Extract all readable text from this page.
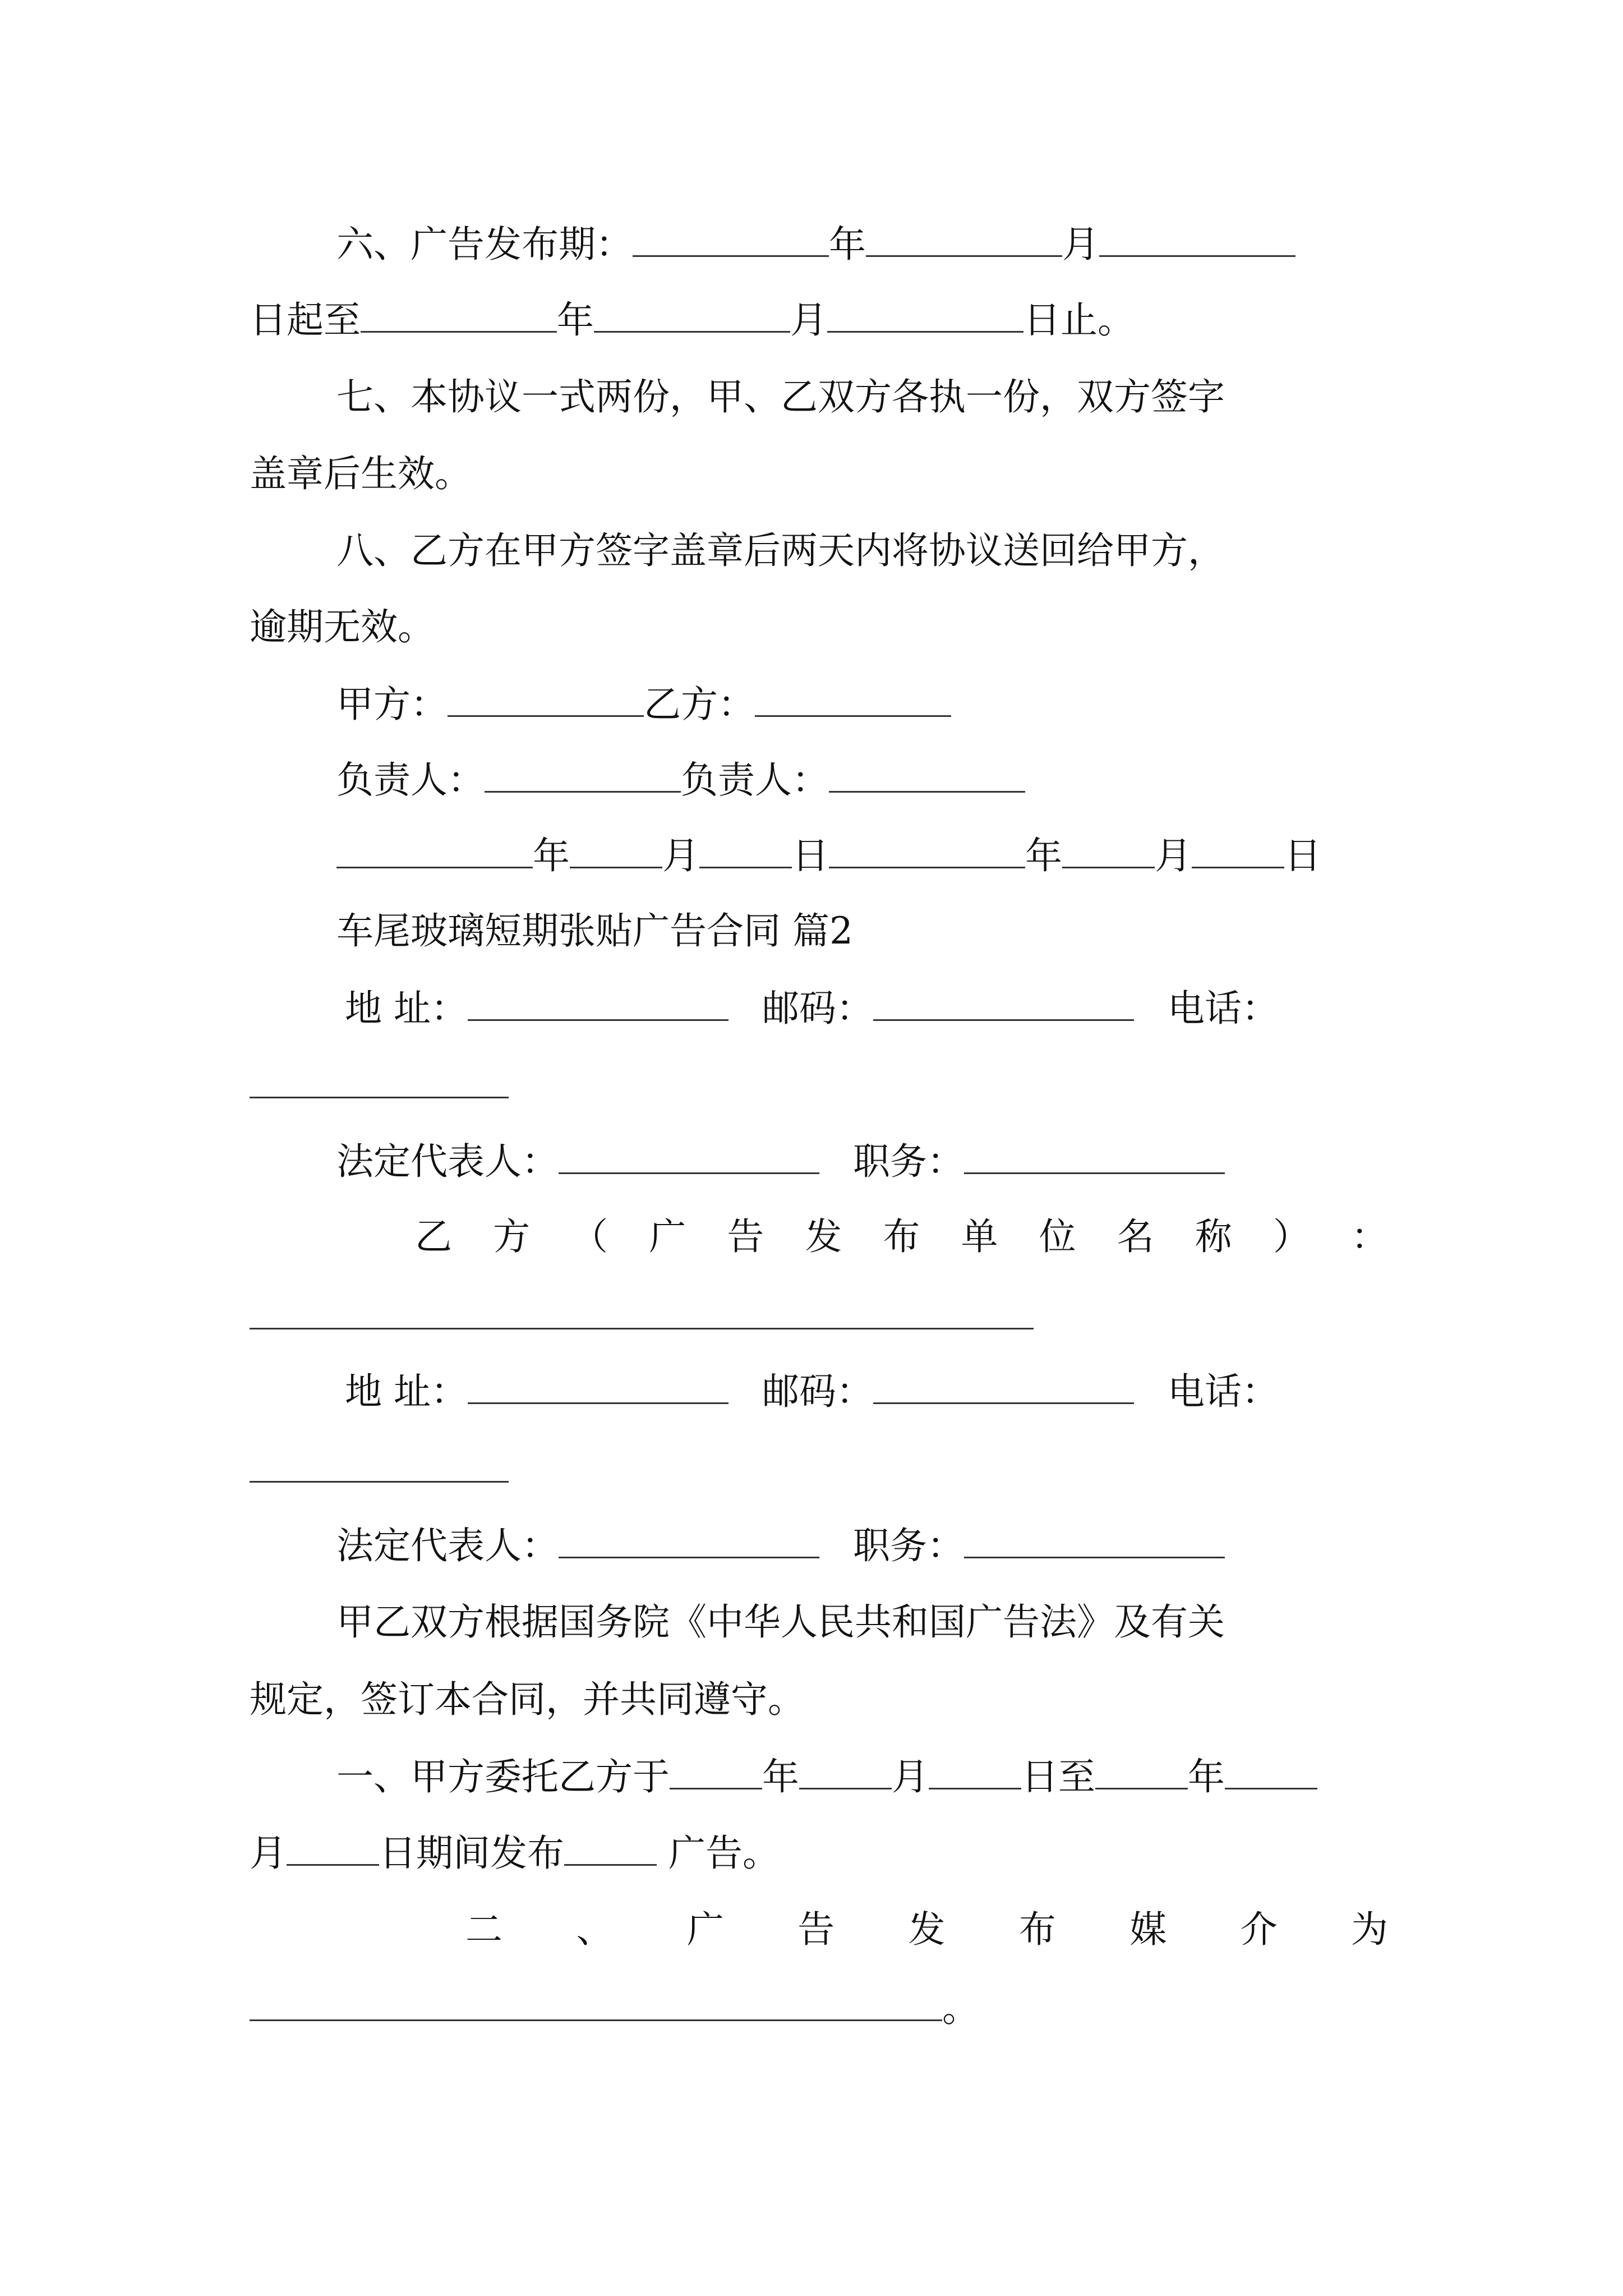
六、广告发布期：	年	月
日起至	年	月	日止。
七、本协议一式两份，甲、乙双方各执一份，双方签字
盖章后生效。
八、乙方在甲方签字盖章后两天内将协议送回给甲方，
逾期无效。
甲方：	乙方：
负责人：	负责人：
年	月	日	年	月	日
车尾玻璃短期张贴广告合同 篇2
地 址：	邮码：	电话：
法定代表人：	职务：
乙 方 （ 广 告 发 布 单 位 名 称 ） ：
地 址：	邮码：	电话：
法定代表人：	职务：
甲乙双方根据国务院《中华人民共和国广告法》及有关
规定，签订本合同，并共同遵守。
一、甲方委托乙方于	年	月	日至	年
月	日期间发布	广告。
二 、 广 告 发 布 媒 介 为
。
